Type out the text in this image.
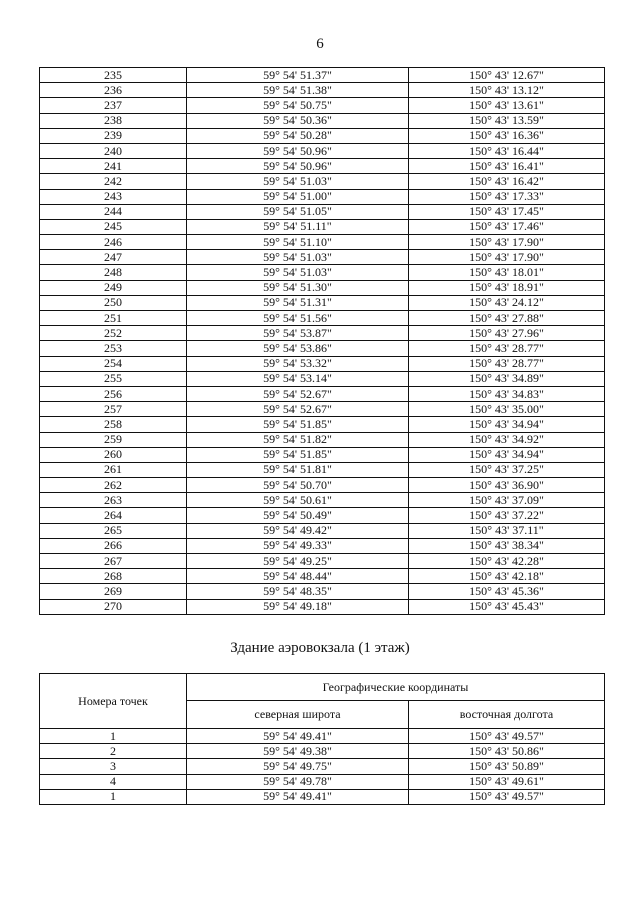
6
235	59° 54' 51.37"	150° 43' 12.67"
236	59° 54' 51.38"	150° 43' 13.12"
237	59° 54' 50.75"	150° 43' 13.61"
238	59° 54' 50.36"	150° 43' 13.59"
239	59° 54' 50.28"	150° 43' 16.36"
240	59° 54' 50.96"	150° 43' 16.44"
241	59° 54' 50.96"	150° 43' 16.41"
242	59° 54' 51.03"	150° 43' 16.42"
243	59° 54' 51.00"	150° 43' 17.33"
244	59° 54' 51.05"	150° 43' 17.45"
245	59° 54' 51.11"	150° 43' 17.46"
246	59° 54' 51.10"	150° 43' 17.90"
247	59° 54' 51.03"	150° 43' 17.90"
248	59° 54' 51.03"	150° 43' 18.01"
249	59° 54' 51.30"	150° 43' 18.91"
250	59° 54' 51.31"	150° 43' 24.12"
251	59° 54' 51.56"	150° 43' 27.88"
252	59° 54' 53.87"	150° 43' 27.96"
253	59° 54' 53.86"	150° 43' 28.77"
254	59° 54' 53.32"	150° 43' 28.77"
255	59° 54' 53.14"	150° 43' 34.89"
256	59° 54' 52.67"	150° 43' 34.83"
257	59° 54' 52.67"	150° 43' 35.00"
258	59° 54' 51.85"	150° 43' 34.94"
259	59° 54' 51.82"	150° 43' 34.92"
260	59° 54' 51.85"	150° 43' 34.94"
261	59° 54' 51.81"	150° 43' 37.25"
262	59° 54' 50.70"	150° 43' 36.90"
263	59° 54' 50.61"	150° 43' 37.09"
264	59° 54' 50.49"	150° 43' 37.22"
265	59° 54' 49.42"	150° 43' 37.11"
266	59° 54' 49.33"	150° 43' 38.34"
267	59° 54' 49.25"	150° 43' 42.28"
268	59° 54' 48.44"	150° 43' 42.18"
269	59° 54' 48.35"	150° 43' 45.36"
270	59° 54' 49.18"	150° 43' 45.43"
Здание аэровокзала (1 этаж)
Номера точек	Географические координаты	
	северная широта	восточная долгота
1	59° 54' 49.41"	150° 43' 49.57"
2	59° 54' 49.38"	150° 43' 50.86"
3	59° 54' 49.75"	150° 43' 50.89"
4	59° 54' 49.78"	150° 43' 49.61"
1	59° 54' 49.41"	150° 43' 49.57"
